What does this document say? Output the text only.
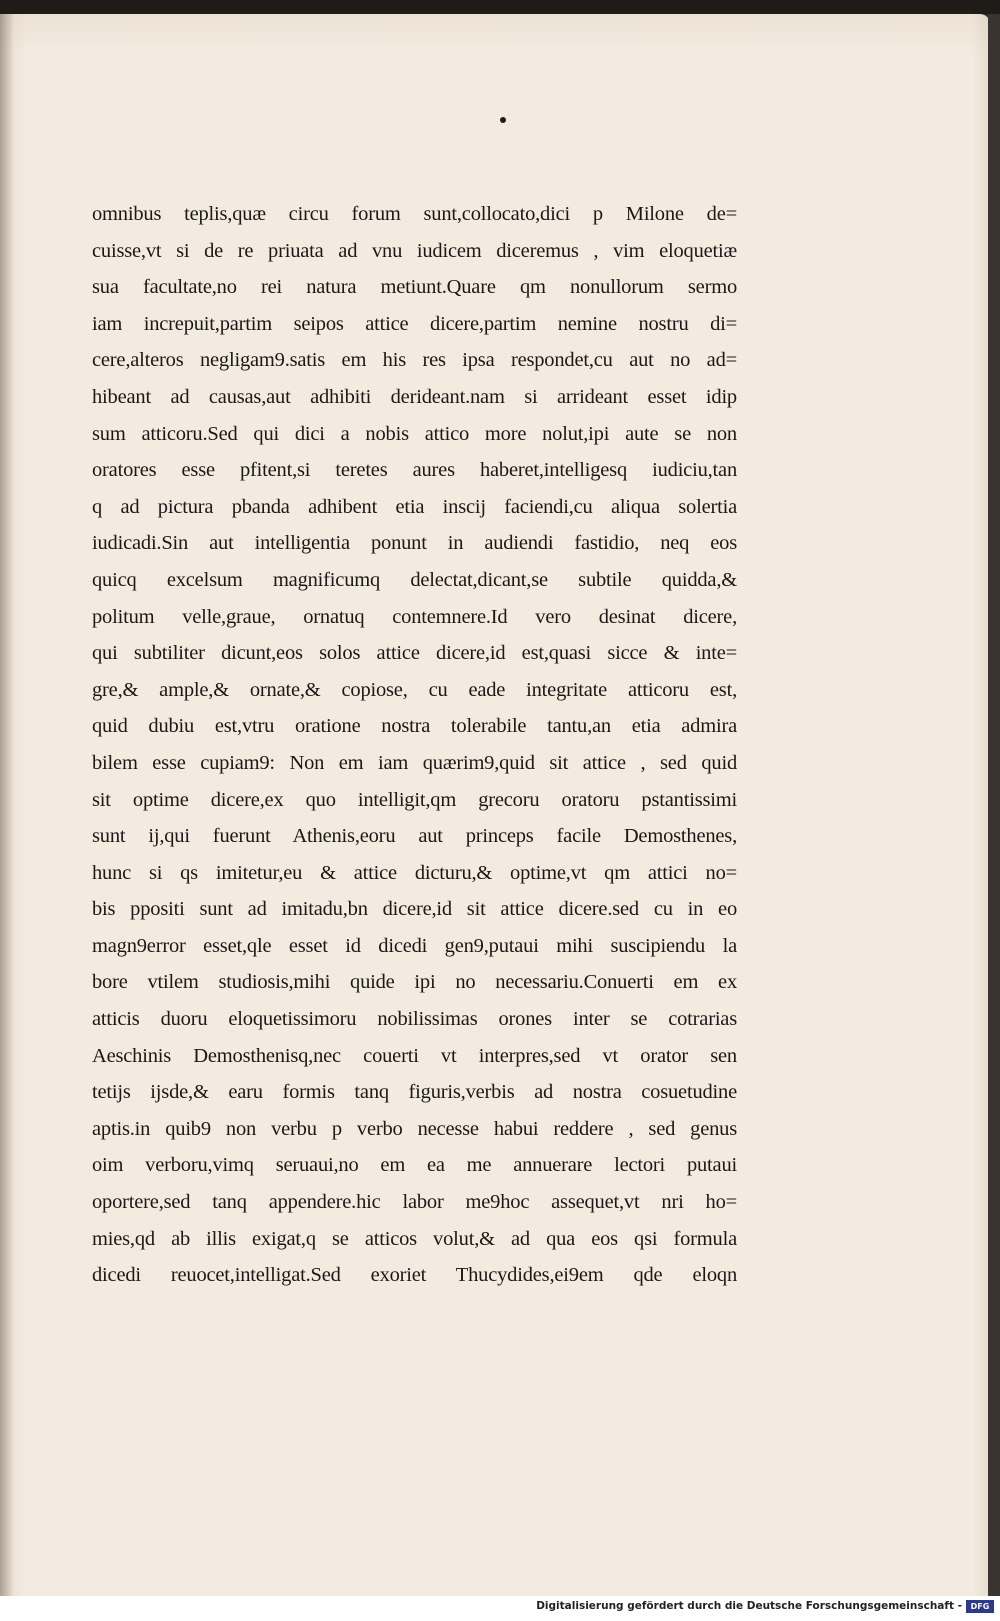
omnibus teplis,quæ circu forum sunt,collocato,dici p Milone de=
cuisse,vt si de re priuata ad vnu iudicem diceremus , vim eloquetiæ
sua facultate,no rei natura metiunt.Quare qm nonullorum sermo
iam increpuit,partim seipos attice dicere,partim nemine nostru di=
cere,alteros negligam9.satis em his res ipsa respondet,cu aut no ad=
hibeant ad causas,aut adhibiti derideant.nam si arrideant esset idip
sum atticoru.Sed qui dici a nobis attico more nolut,ipi aute se non
oratores esse pfitent,si teretes aures haberet,intelligesq iudiciu,tan
q ad pictura pbanda adhibent etia inscij faciendi,cu aliqua solertia
iudicadi.Sin aut intelligentia ponunt in audiendi fastidio, neq eos
quicq excelsum magnificumq delectat,dicant,se subtile quidda,&
politum velle,graue, ornatuq contemnere.Id vero desinat dicere,
qui subtiliter dicunt,eos solos attice dicere,id est,quasi sicce & inte=
gre,& ample,& ornate,& copiose, cu eade integritate atticoru est,
quid dubiu est,vtru oratione nostra tolerabile tantu,an etia admira
bilem esse cupiam9: Non em iam quærim9,quid sit attice , sed quid
sit optime dicere,ex quo intelligit,qm grecoru oratoru pstantissimi
sunt ij,qui fuerunt Athenis,eoru aut princeps facile Demosthenes,
hunc si qs imitetur,eu & attice dicturu,& optime,vt qm attici no=
bis ppositi sunt ad imitadu,bn dicere,id sit attice dicere.sed cu in eo
magn9error esset,qle esset id dicedi gen9,putaui mihi suscipiendu la
bore vtilem studiosis,mihi quide ipi no necessariu.Conuerti em ex
atticis duoru eloquetissimoru nobilissimas orones inter se cotrarias
Aeschinis Demosthenisq,nec couerti vt interpres,sed vt orator sen
tetijs ijsde,& earu formis tanq figuris,verbis ad nostra cosuetudine
aptis.in quib9 non verbu p verbo necesse habui reddere , sed genus
oim verboru,vimq seruaui,no em ea me annuerare lectori putaui
oportere,sed tanq appendere.hic labor me9hoc assequet,vt nri ho=
mies,qd ab illis exigat,q se atticos volut,& ad qua eos qsi formula
dicedi reuocet,intelligat.Sed exoriet Thucydides,ei9em qde eloqn
Digitalisierung gefördert durch die Deutsche Forschungsgemeinschaft -	DFG
